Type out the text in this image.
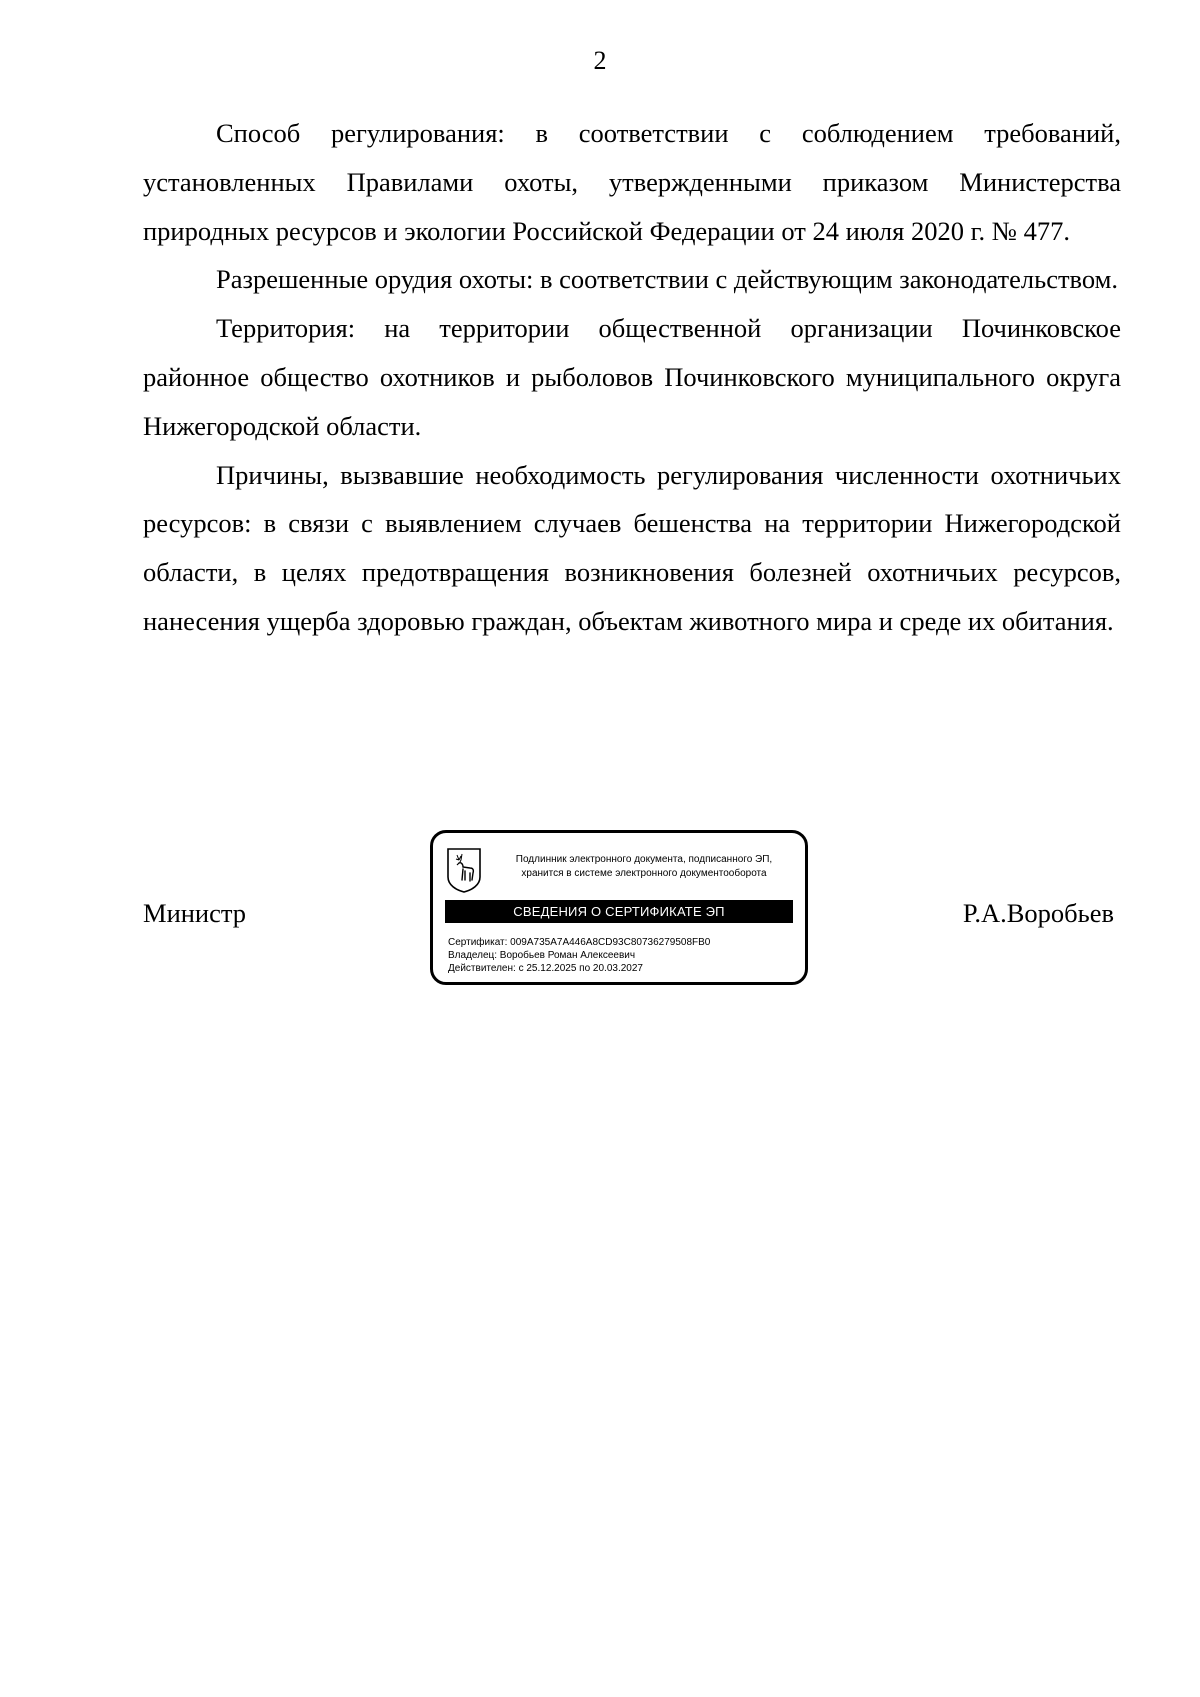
2

Способ регулирования: в соответствии с соблюдением требований, установленных Правилами охоты, утвержденными приказом Министерства природных ресурсов и экологии Российской Федерации от 24 июля 2020 г. № 477.

Разрешенные орудия охоты: в соответствии с действующим законодательством.

Территория: на территории общественной организации Починковское районное общество охотников и рыболовов Починковского муниципального округа Нижегородской области.

Причины, вызвавшие необходимость регулирования численности охотничьих ресурсов: в связи с выявлением случаев бешенства на территории Нижегородской области, в целях предотвращения возникновения болезней охотничьих ресурсов, нанесения ущерба здоровью граждан, объектам животного мира и среде их обитания.

Министр
Подлинник электронного документа, подписанного ЭП,
хранится в системе электронного документооборота
СВЕДЕНИЯ О СЕРТИФИКАТЕ ЭП
Сертификат: 009A735A7A446A8CD93C80736279508FB0
Владелец: Воробьев Роман Алексеевич
Действителен: с 25.12.2025 по 20.03.2027
Р.А.Воробьев
